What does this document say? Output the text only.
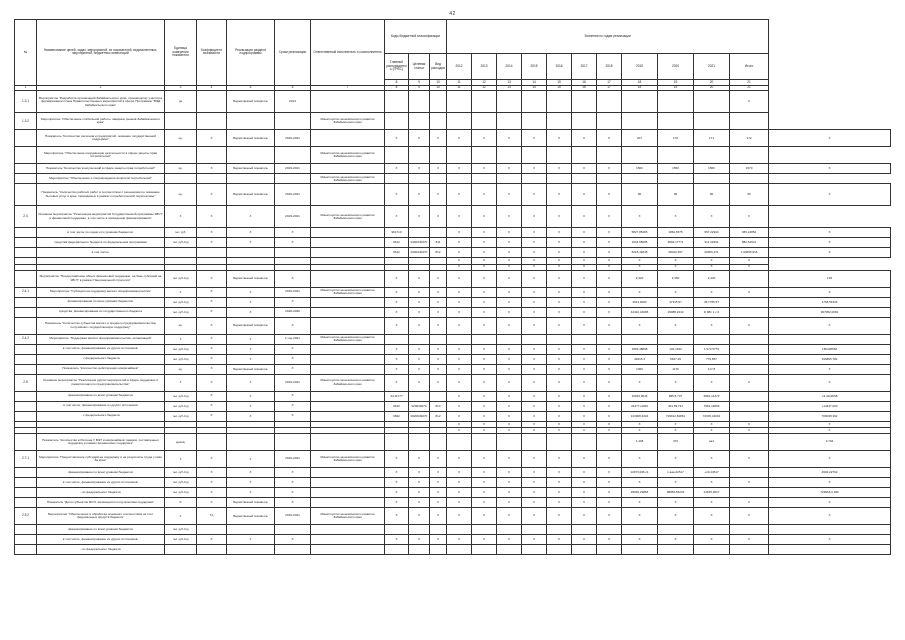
42
№	Наименование целей, задач, мероприятий, их показателей, ведомственных, мероприятий, бюджетных инвестиций	Единица измерения показателя	Коэффициент значимости	Реализация раздела подпрограммы	Сроки реализации	Ответственный исполнитель и соисполнитель	Коды бюджетной классификации			Значения по годам реализации											
							Главный распорядитель (ГРБС)	Целевая статья	Вид расходов	2012	2013	2014	2015	2016	2017	2018	2019	2020	2021	Итого	
							8	9	10	11	12	13	14	15	16	17	18	19	20	21	
1	2	3	4	5	6	7	8	9	10	11	12	13	14	15	16	17	18	19	20	21	
1.3.1	Мероприятие "Разработка организаций Забайкальского края, производству участия в формировании плана Правительственных мероприятий в сфере Программы "ВЭД Забайкальского края"	да		Ведомственный показатель	2014															X	
1.3.2	Мероприятие "Обеспечение стабильной работы товарных рынков Забайкальского края"					Министерство экономического развития Забайкальского края															
	Показатель "Количество регионов и предприятий, оказание государственной поддержки"	ед.	X	Ведомственный показатель	2019-2021		X	X	X	X	X	X	X	X	X	X	207	170	171	172	X
	Мероприятие "Обеспечение координации деятельности в сфере защиты прав потребителей"					Министерство экономического развития Забайкальского края															
	Показатель "Количество консультаций в сфере защиты прав потребителей"	ед.	X	Ведомственный показатель	2019-2021		X	X	X	X	X	X	X	X	X	X	1500	1550	1560	1570	X
	Мероприятие "Обеспечение и сопровождение вопросов потребителей"					Министерство экономического развития Забайкальского края															
	Показатель "Количество рабочих работ в соответствии с решениями по оказанию бытовых услуг в крае, проводимых в рамках потребительской перспективы"	ед.	X	Ведомственный показатель	2019-2021		X	X	X	X	X	X	X	X	X	X	90	90	90	90	X
2.4	Основное мероприятие "Реализация мероприятий Государственной программы ЭВ ГГ в финансовой поддержке, в том числе в проведении финансирования"	X	X	X	2019-2021	Министерство экономического развития Забайкальского края	X	X	X	X	X	X	X	X	X	X	X	X	X	X	
	в том числе по годам и по уровням бюджетов:	тыс. руб.	X	X	X		961710			X	X	X	X	X	X	X	5827,85465	1862,6575	957,22944	965,24852	X
	средства федерального бюджета по федеральным программам	тыс. руб./год	X	X	X		9612	0200240270	811	X	X	X	X	X	X	X	1644,55685	2802,17771	911,22944	882,62941	X
	в том числе:						9612	0200240270	812	X	X	X	X	X	X	X	5218,41845	28010,457	20006,471	1,94665,916	X
										X	X	X	X	X	X	X	X	X	X	X	
										X	X	X	X	X	X	X	X	X	X	X	
	Мероприятие "Предоставление общих финансовой поддержки, на базе субсидий на ЭВ ГГ в рамках Национальной стратегии"	тыс. руб./год	X	Ведомственный показатель	X		X	X	X	X	X	X	X	X	X	X	2,320	2,360	2,430		193
2.4.1	Мероприятие "Субсидии на поддержку малого предпринимательства"	X	X	X	2019-2021	Министерство экономического развития Забайкальского края	X	X	X	X	X	X	X	X	X	X	X	X	X	X	X
	финансирование по всем уровням бюджетов:	тыс. руб./год	X	X	X		X	X	X	X	X	X	X	X	X	X	4913,9003	47315,57	45,7765,57		1768,59124
	средства, финансирование из государственного бюджета	тыс. руб./год	X	X	2018-2020		X	X	X	X	X	X	X	X	X	X	44342,44995	29088,2319	D 981 1 с 0		907052,0081
	Показатель "Количество субъектов малого и среднего предпринимательства, получивших государственную поддержку"	ед.	X	Ведомственный показатель	X		X	X	X	X	X	X	X	X	X	X	X	X	X	X	X
2.4.2	Мероприятие "Поддержка малого предпринимательства, организаций"	X	X	X	1 год-2021	Министерство экономического развития Забайкальского края															
	в том числе, финансирование из других источников:	тыс. руб./год	X	X	X		X	X	X	X	X	X	X	X	X	X	1809,48898	146,1942	1 970 5770		186428560
	- с федерального бюджета	тыс. руб./год	X	X	X		X	X	X	X	X	X	X	X	X	X	49315,4	5467,29	779,857		196895,782
	Показатель "Количество действующих микрозаймов"	ед.	X	Ведомственный показатель	X		X	X	X	X	X	X	X	X	X	X	1060	1176	117,8		X
2.5	Основное мероприятие "Реализация других мероприятий в сфере поддержки и развития малого предпринимательства"	X	X	X	2019-2021	Министерство экономического развития Забайкальского края	X	X	X	X	X	X	X	X	X	X	X	X	X	X	X
	финансирование по всем уровням бюджетов	тыс. руб./год	X	X	X		44,11777			X	X	X	X	X	X	X	15023,9546	895,8 737	5962,14473		+9,4112068
	в том числе, финансирование из других источников	тыс. руб./год	X	X	X		9612	020049270	810	X	X	X	X	X	X	X	24477+4406	491,59,731	7962,14899		+14447,003
	- с федерального бюджета	тыс. руб./год	X	X	X		9602	0020049270	812	X	X	X	X	X	X	X	134908,4334	729912,84861	72045,44001		709048,392
										X	X	X	X	X	X	X	X	X	X	X	X
										X	X	X	X	X	X	X	X	X	X	X	X
	Показатель "Количество в Региона У ВЭТ и микрозаймов товаров, поставленных поддержку в рамках финансовых поддержек"	единиц															1,448	470	аа1		3,794
2.7.1	Мероприятие "Предоставление субсидий на поддержку и на результаты труда у края За края"	X	X	X	2019-2021	Министерство экономического развития Забайкальского края	X	X	X	X	X	X	X	X	X	X	X	X	X	X	X
	финансирование по всем уровням бюджетов	тыс. руб./год	X	X	X		X	X	X	X	X	X	X	X	X	X	12973,036 с1	1 ааа,22517	+19,44517		4992,22762
	в том числе, финансирование из других источников:	тыс. руб./год	X	X	X		X	X	X	X	X	X	X	X	X	X	X	X	X	X	X
	- из федерального бюджета	тыс. руб./год	X	X	X		X	X	X	X	X	X	X	X	X	X	29646,29866	98884,56234	21645,4817		729966,0,189
	Показатель "Доля субъектов МСП, являющихся получателями поддержки"	%	X	Ведомственный показатель	X		X	X	X	X	X	X	X	X	X	X	X	X	X	X	X
2.9.2	Мероприятие "Обеспечение и обработка основного соответствия за счет федеральных средств бюджета"	X	Тд	Ведомственный показатель	2019-2021	Министерство экономического развития Забайкальского края	X	X	X	X	X	X	X	X	X	X	X	X	X	X	X
	финансирование по всем уровням бюджетов	тыс. руб./год																			
	в том числе, финансирование из других источников:	тыс. руб./год	X	X	X		X	X	X	X	X	X	X	X	X	X	X	X	X	X	X
	- из федерального бюджета																				
